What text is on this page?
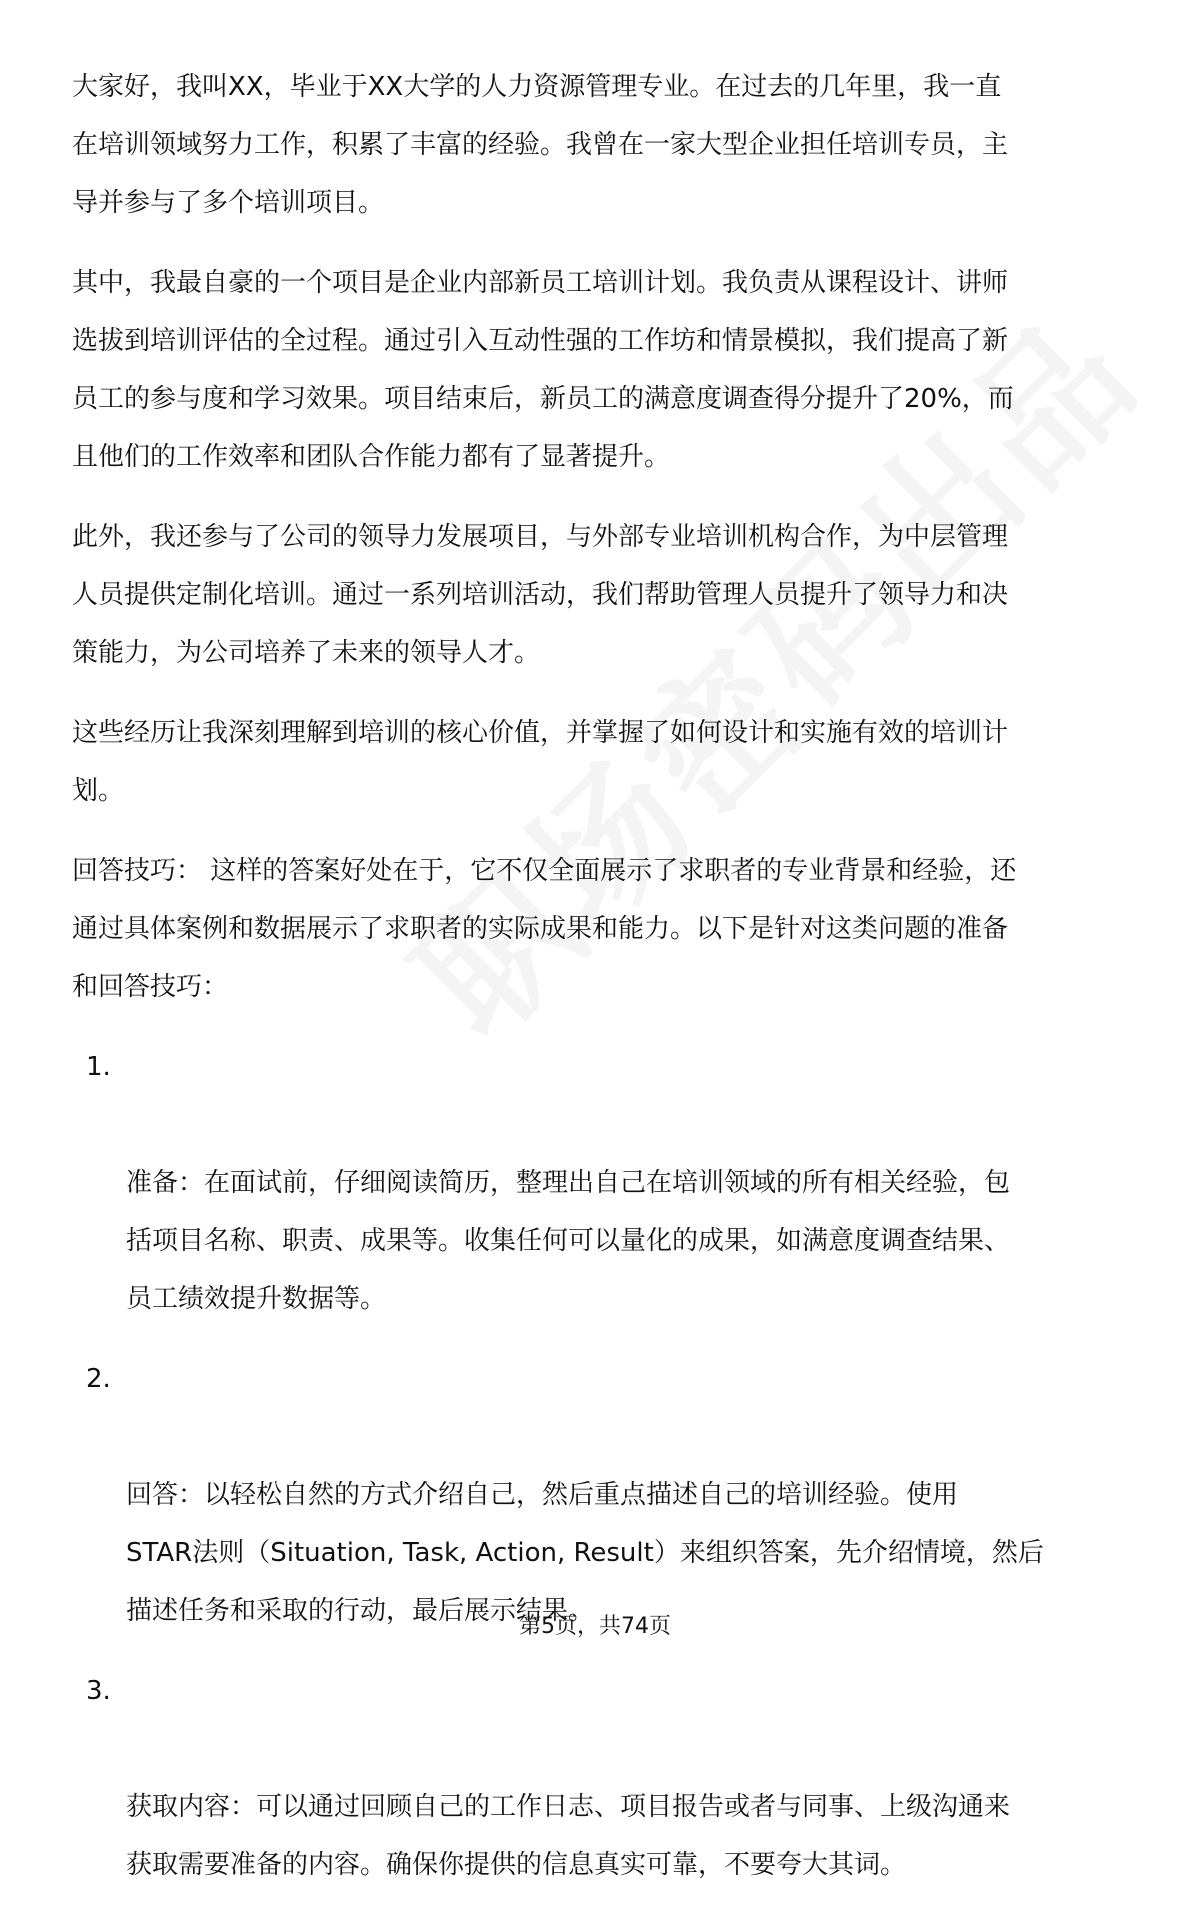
大家好，我叫XX，毕业于XX大学的人力资源管理专业。在过去的几年里，我一直
在培训领域努力工作，积累了丰富的经验。我曾在一家大型企业担任培训专员，主
导并参与了多个培训项目。

其中，我最自豪的一个项目是企业内部新员工培训计划。我负责从课程设计、讲师
选拔到培训评估的全过程。通过引入互动性强的工作坊和情景模拟，我们提高了新
员工的参与度和学习效果。项目结束后，新员工的满意度调查得分提升了20%，而
且他们的工作效率和团队合作能力都有了显著提升。

此外，我还参与了公司的领导力发展项目，与外部专业培训机构合作，为中层管理
人员提供定制化培训。通过一系列培训活动，我们帮助管理人员提升了领导力和决
策能力，为公司培养了未来的领导人才。

这些经历让我深刻理解到培训的核心价值，并掌握了如何设计和实施有效的培训计
划。

回答技巧： 这样的答案好处在于，它不仅全面展示了求职者的专业背景和经验，还
通过具体案例和数据展示了求职者的实际成果和能力。以下是针对这类问题的准备
和回答技巧：

1.

准备：在面试前，仔细阅读简历，整理出自己在培训领域的所有相关经验，包
括项目名称、职责、成果等。收集任何可以量化的成果，如满意度调查结果、
员工绩效提升数据等。

2.

回答：以轻松自然的方式介绍自己，然后重点描述自己的培训经验。使用
STAR法则（Situation, Task, Action, Result）来组织答案，先介绍情境，然后
描述任务和采取的行动，最后展示结果。

3.

获取内容：可以通过回顾自己的工作日志、项目报告或者与同事、上级沟通来
获取需要准备的内容。确保你提供的信息真实可靠，不要夸大其词。

第5页，共74页
